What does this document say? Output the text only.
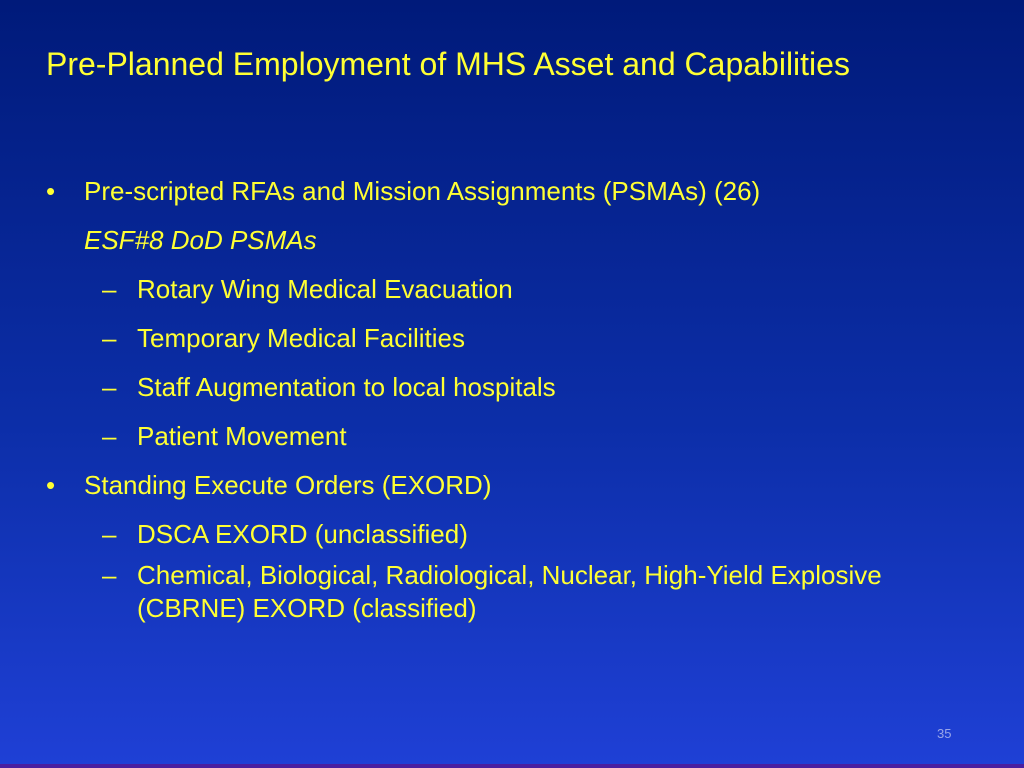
Pre-Planned Employment of MHS Asset and Capabilities
•	Pre-scripted RFAs and Mission Assignments (PSMAs) (26)
ESF#8 DoD PSMAs
– Rotary Wing Medical Evacuation
– Temporary Medical Facilities
– Staff Augmentation to local hospitals
– Patient Movement
•	Standing Execute Orders (EXORD)
– DSCA EXORD (unclassified)
– Chemical, Biological, Radiological, Nuclear, High-Yield Explosive (CBRNE) EXORD (classified)
35
